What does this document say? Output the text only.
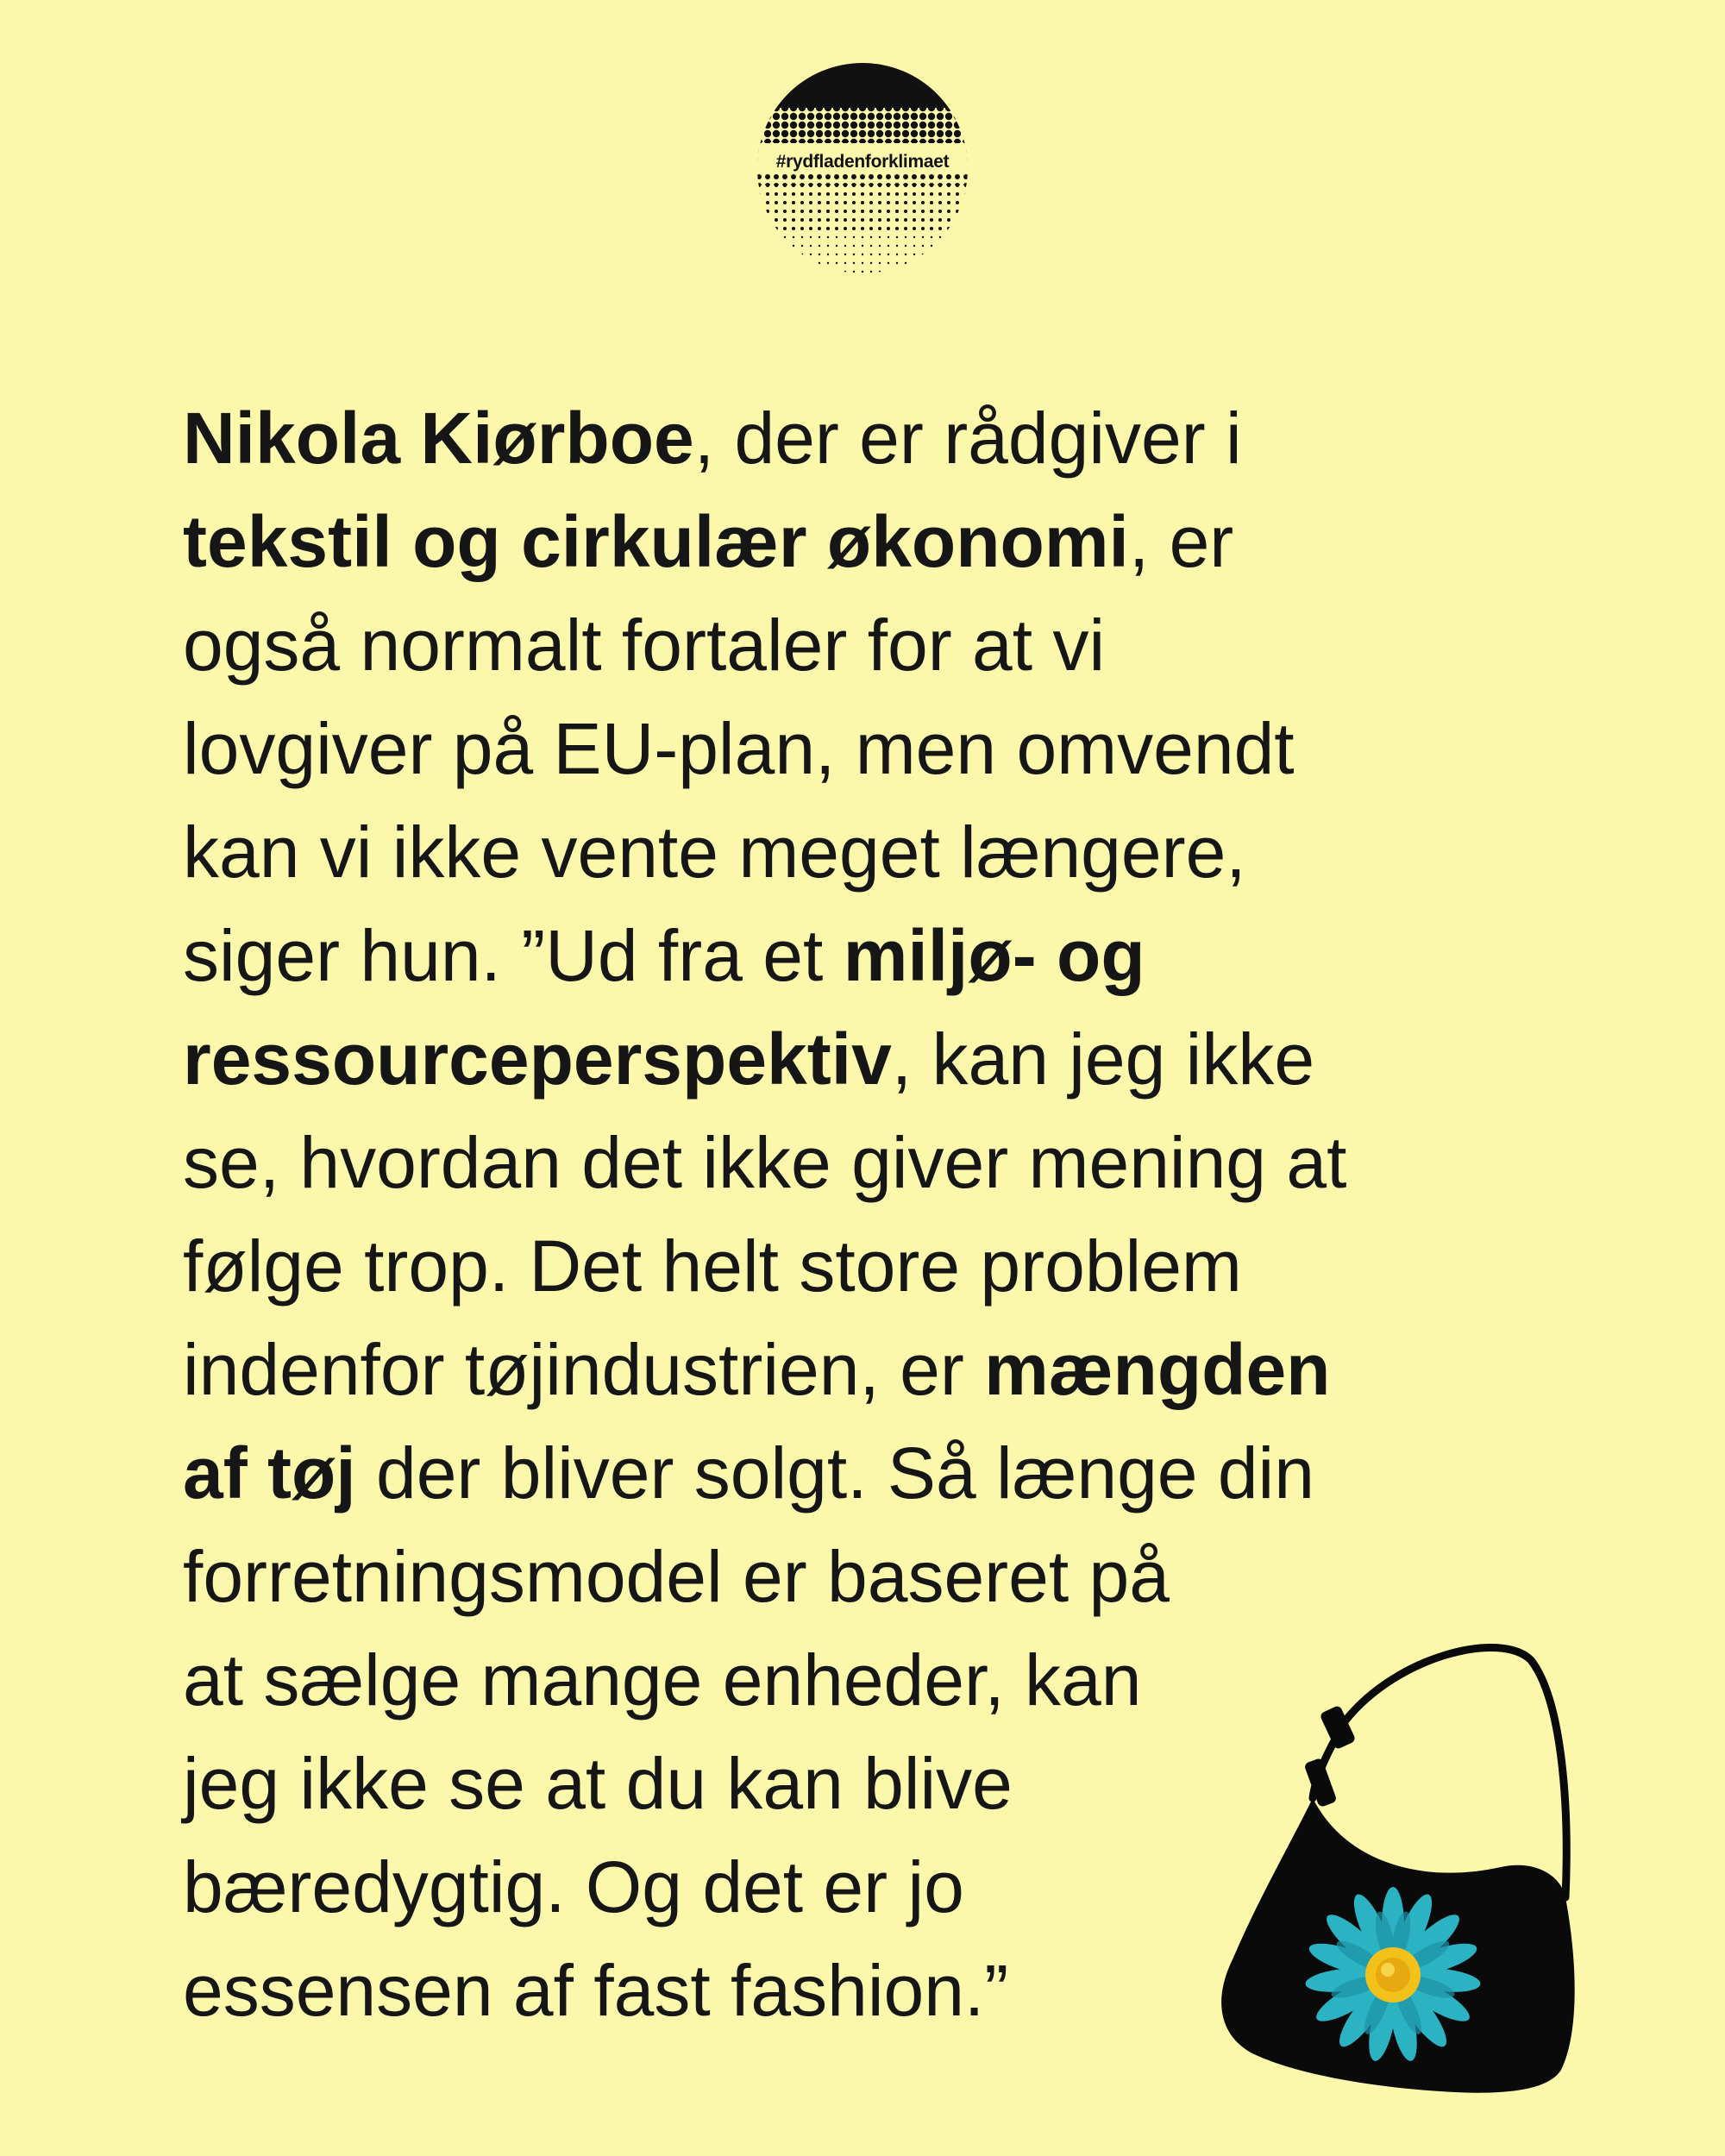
#rydfladenforklimaet
Nikola Kiørboe, der er rådgiver i
tekstil og cirkulær økonomi, er
også normalt fortaler for at vi
lovgiver på EU-plan, men omvendt
kan vi ikke vente meget længere,
siger hun. ”Ud fra et miljø- og
ressourceperspektiv, kan jeg ikke
se, hvordan det ikke giver mening at
følge trop. Det helt store problem
indenfor tøjindustrien, er mængden
af tøj der bliver solgt. Så længe din
forretningsmodel er baseret på
at sælge mange enheder, kan
jeg ikke se at du kan blive
bæredygtig. Og det er jo
essensen af fast fashion.”
